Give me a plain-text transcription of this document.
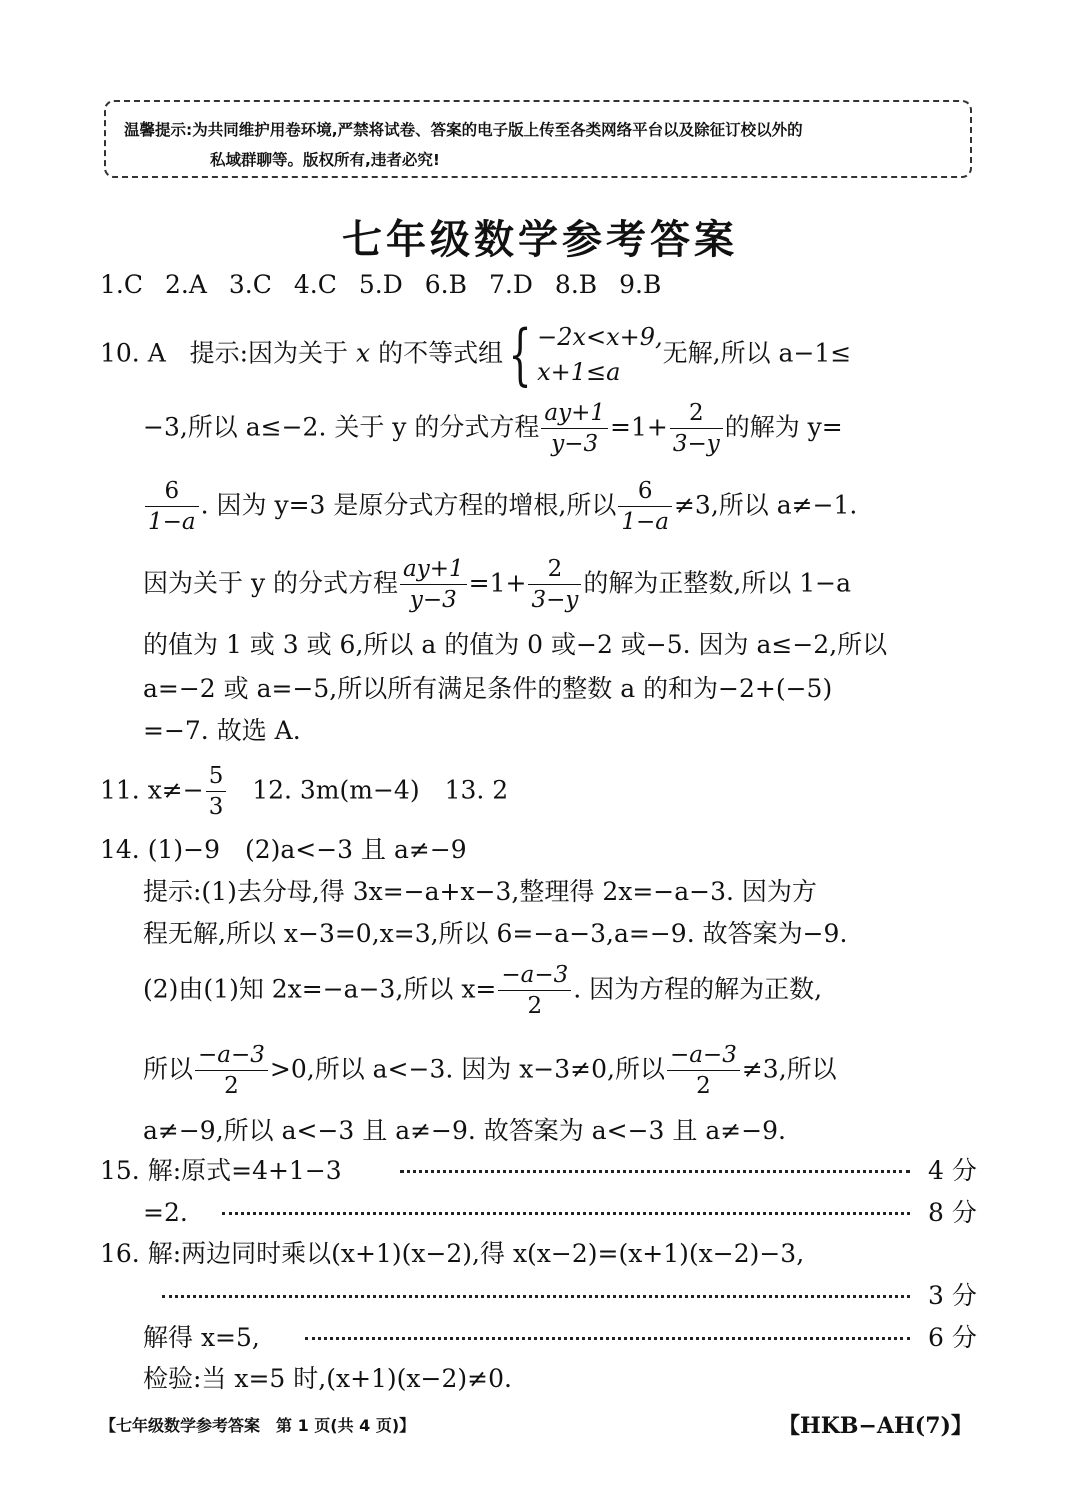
温馨提示:为共同维护用卷环境,严禁将试卷、答案的电子版上传至各类网络平台以及除征订校以外的
私域群聊等。版权所有,违者必究!
七年级数学参考答案
1.C 2.A 3.C 4.C 5.D 6.B 7.D 8.B 9.B
10. A 提示:因为关于 x 的不等式组{ −2x<x+9,
x+1≤a
无解,所以 a−1≤
−3,所以 a≤−2. 关于 y 的分式方程 $\frac{ay+1}{y-3} =1+ \frac{2}{3-y}$ 的解为 y=
$\frac{6}{1-a}$ . 因为 y=3 是原分式方程的增根,所以 $\frac{6}{1-a} \ne 3$,所以 a≠−1.
因为关于 y 的分式方程 $\frac{ay+1}{y-3} =1+ \frac{2}{3-y}$ 的解为正整数,所以 1−a
的值为 1 或 3 或 6,所以 a 的值为 0 或−2 或−5. 因为 a≤−2,所以
a=−2 或 a=−5,所以所有满足条件的整数 a 的和为−2+(−5)
=−7. 故选 A.
11. $x\ne- \frac{5}{3} 12$. 3m(m−4)　13. 2
14. (1)−9　(2)a<−3 且 a≠−9
提示:(1)去分母,得 3x=−a+x−3,整理得 2x=−a−3. 因为方
程无解,所以 x−3=0,x=3,所以 6=−a−3,a=−9. 故答案为−9.
(2)由(1)知 2x=−a−3,所以 $x= \frac{-a-3}{2}$ . 因为方程的解为正数,
所以 $\frac{-a-3}{2} >0$,所以 a<−3. 因为 x−3≠0,所以 $\frac{-a-3}{2} \ne 3$,所以
a≠−9,所以 a<−3 且 a≠−9. 故答案为 a<−3 且 a≠−9.
15. 解:原式=4+1−3	4 分
=2.	8 分
16. 解:两边同时乘以(x+1)(x−2),得 x(x−2)=(x+1)(x−2)−3,
3 分
解得 x=5,	6 分
检验:当 x=5 时,(x+1)(x−2)≠0.
【七年级数学参考答案　第 1 页(共 4 页)】	【HKB−AH(7)】
